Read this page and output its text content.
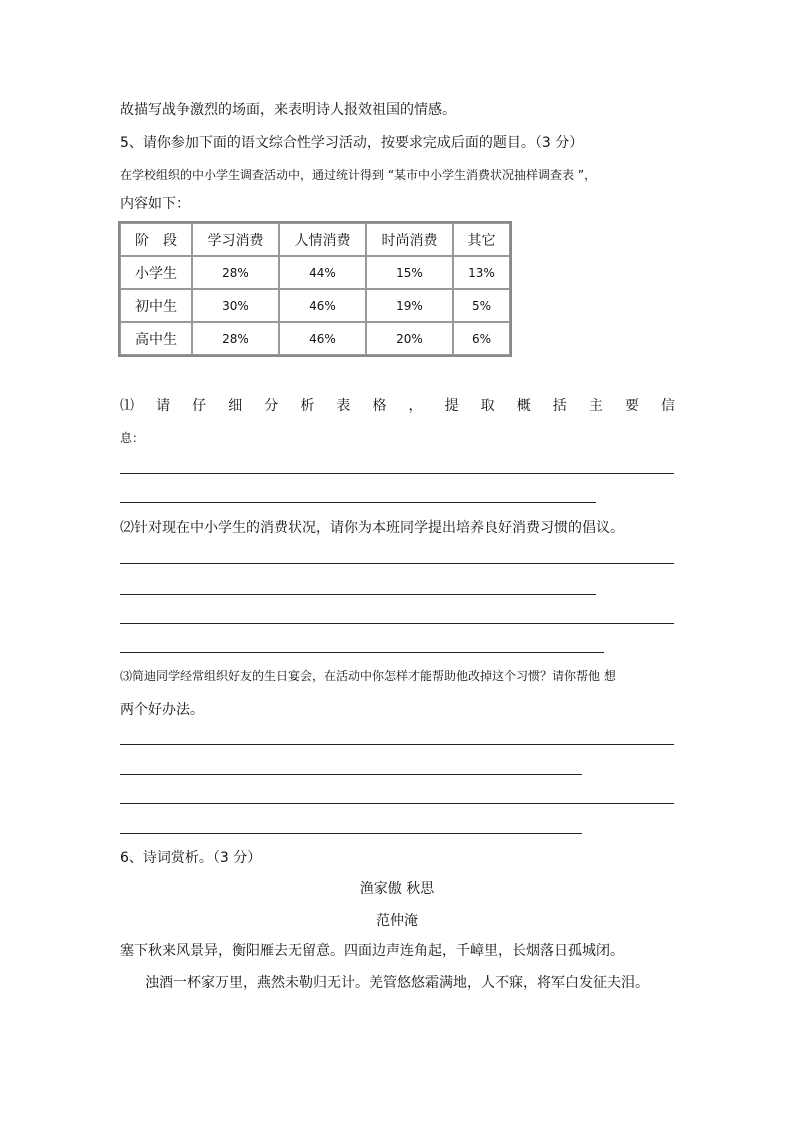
故描写战争激烈的场面，来表明诗人报效祖国的情感。
5、请你参加下面的语文综合性学习活动，按要求完成后面的题目。（3 分）
在学校组织的中小学生调查活动中，通过统计得到 “某市中小学生消费状况抽样调查表 ”，
内容如下：
阶　段	学习消费	人情消费	时尚消费	其它
小学生	28%	44%	15%	13%
初中生	30%	46%	19%	5%
高中生	28%	46%	20%	6%
⑴ 请 仔 细 分 析 表 格 ， 提 取 概 括 主 要 信
息：
⑵针对现在中小学生的消费状况，请你为本班同学提出培养良好消费习惯的倡议。
⑶简迪同学经常组织好友的生日宴会，在活动中你怎样才能帮助他改掉这个习惯？请你帮他 想
两个好办法。
6、诗词赏析。（3 分）
渔家傲 秋思
范仲淹
塞下秋来风景异，衡阳雁去无留意。四面边声连角起，千嶂里，长烟落日孤城闭。
浊酒一杯家万里，燕然未勒归无计。羌管悠悠霜满地，人不寐，将军白发征夫泪。
